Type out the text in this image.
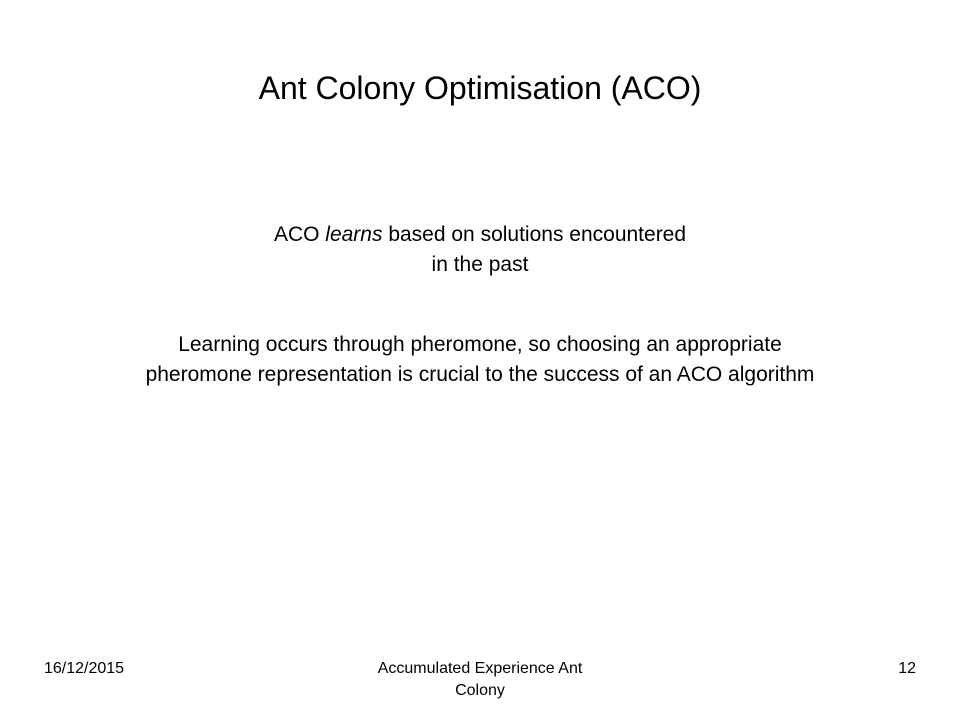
Ant Colony Optimisation (ACO)

ACO learns based on solutions encountered
in the past

Learning occurs through pheromone, so choosing an appropriate
pheromone representation is crucial to the success of an ACO algorithm

16/12/2015	Accumulated Experience Ant
Colony
12
